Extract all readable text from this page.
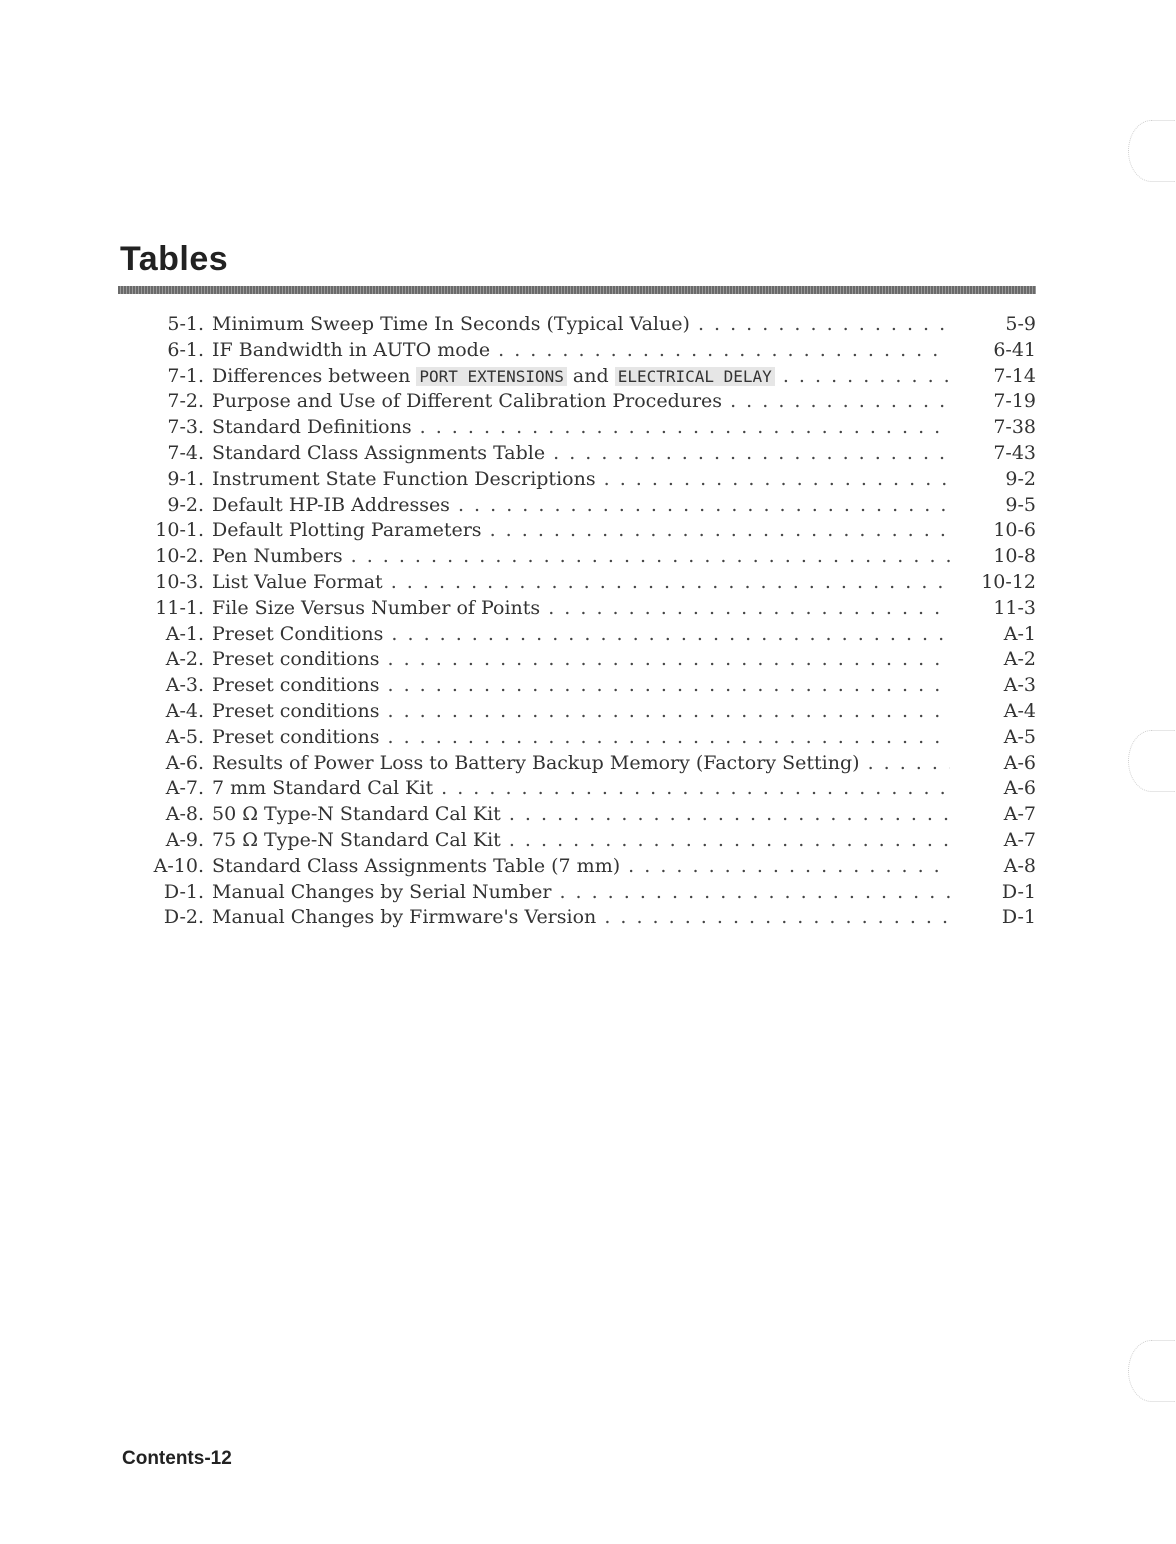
Tables
5-1. Minimum Sweep Time In Seconds (Typical Value) . . .	5-9
6-1. IF Bandwidth in AUTO mode . . .	6-41
7-1. Differences between PORT EXTENSIONS and ELECTRICAL DELAY . . .	7-14
7-2. Purpose and Use of Different Calibration Procedures . . .	7-19
7-3. Standard Definitions . . .	7-38
7-4. Standard Class Assignments Table . . .	7-43
9-1. Instrument State Function Descriptions . . .	9-2
9-2. Default HP-IB Addresses . . .	9-5
10-1. Default Plotting Parameters . . .	10-6
10-2. Pen Numbers . . .	10-8
10-3. List Value Format . . .	10-12
11-1. File Size Versus Number of Points . . .	11-3
A-1. Preset Conditions . . .	A-1
A-2. Preset conditions . . .	A-2
A-3. Preset conditions . . .	A-3
A-4. Preset conditions . . .	A-4
A-5. Preset conditions . . .	A-5
A-6. Results of Power Loss to Battery Backup Memory (Factory Setting) . . .	A-6
A-7. 7 mm Standard Cal Kit . . .	A-6
A-8. 50 Ω Type-N Standard Cal Kit . . .	A-7
A-9. 75 Ω Type-N Standard Cal Kit . . .	A-7
A-10. Standard Class Assignments Table (7 mm) . . .	A-8
D-1. Manual Changes by Serial Number . . .	D-1
D-2. Manual Changes by Firmware's Version . . .	D-1
Contents-12
